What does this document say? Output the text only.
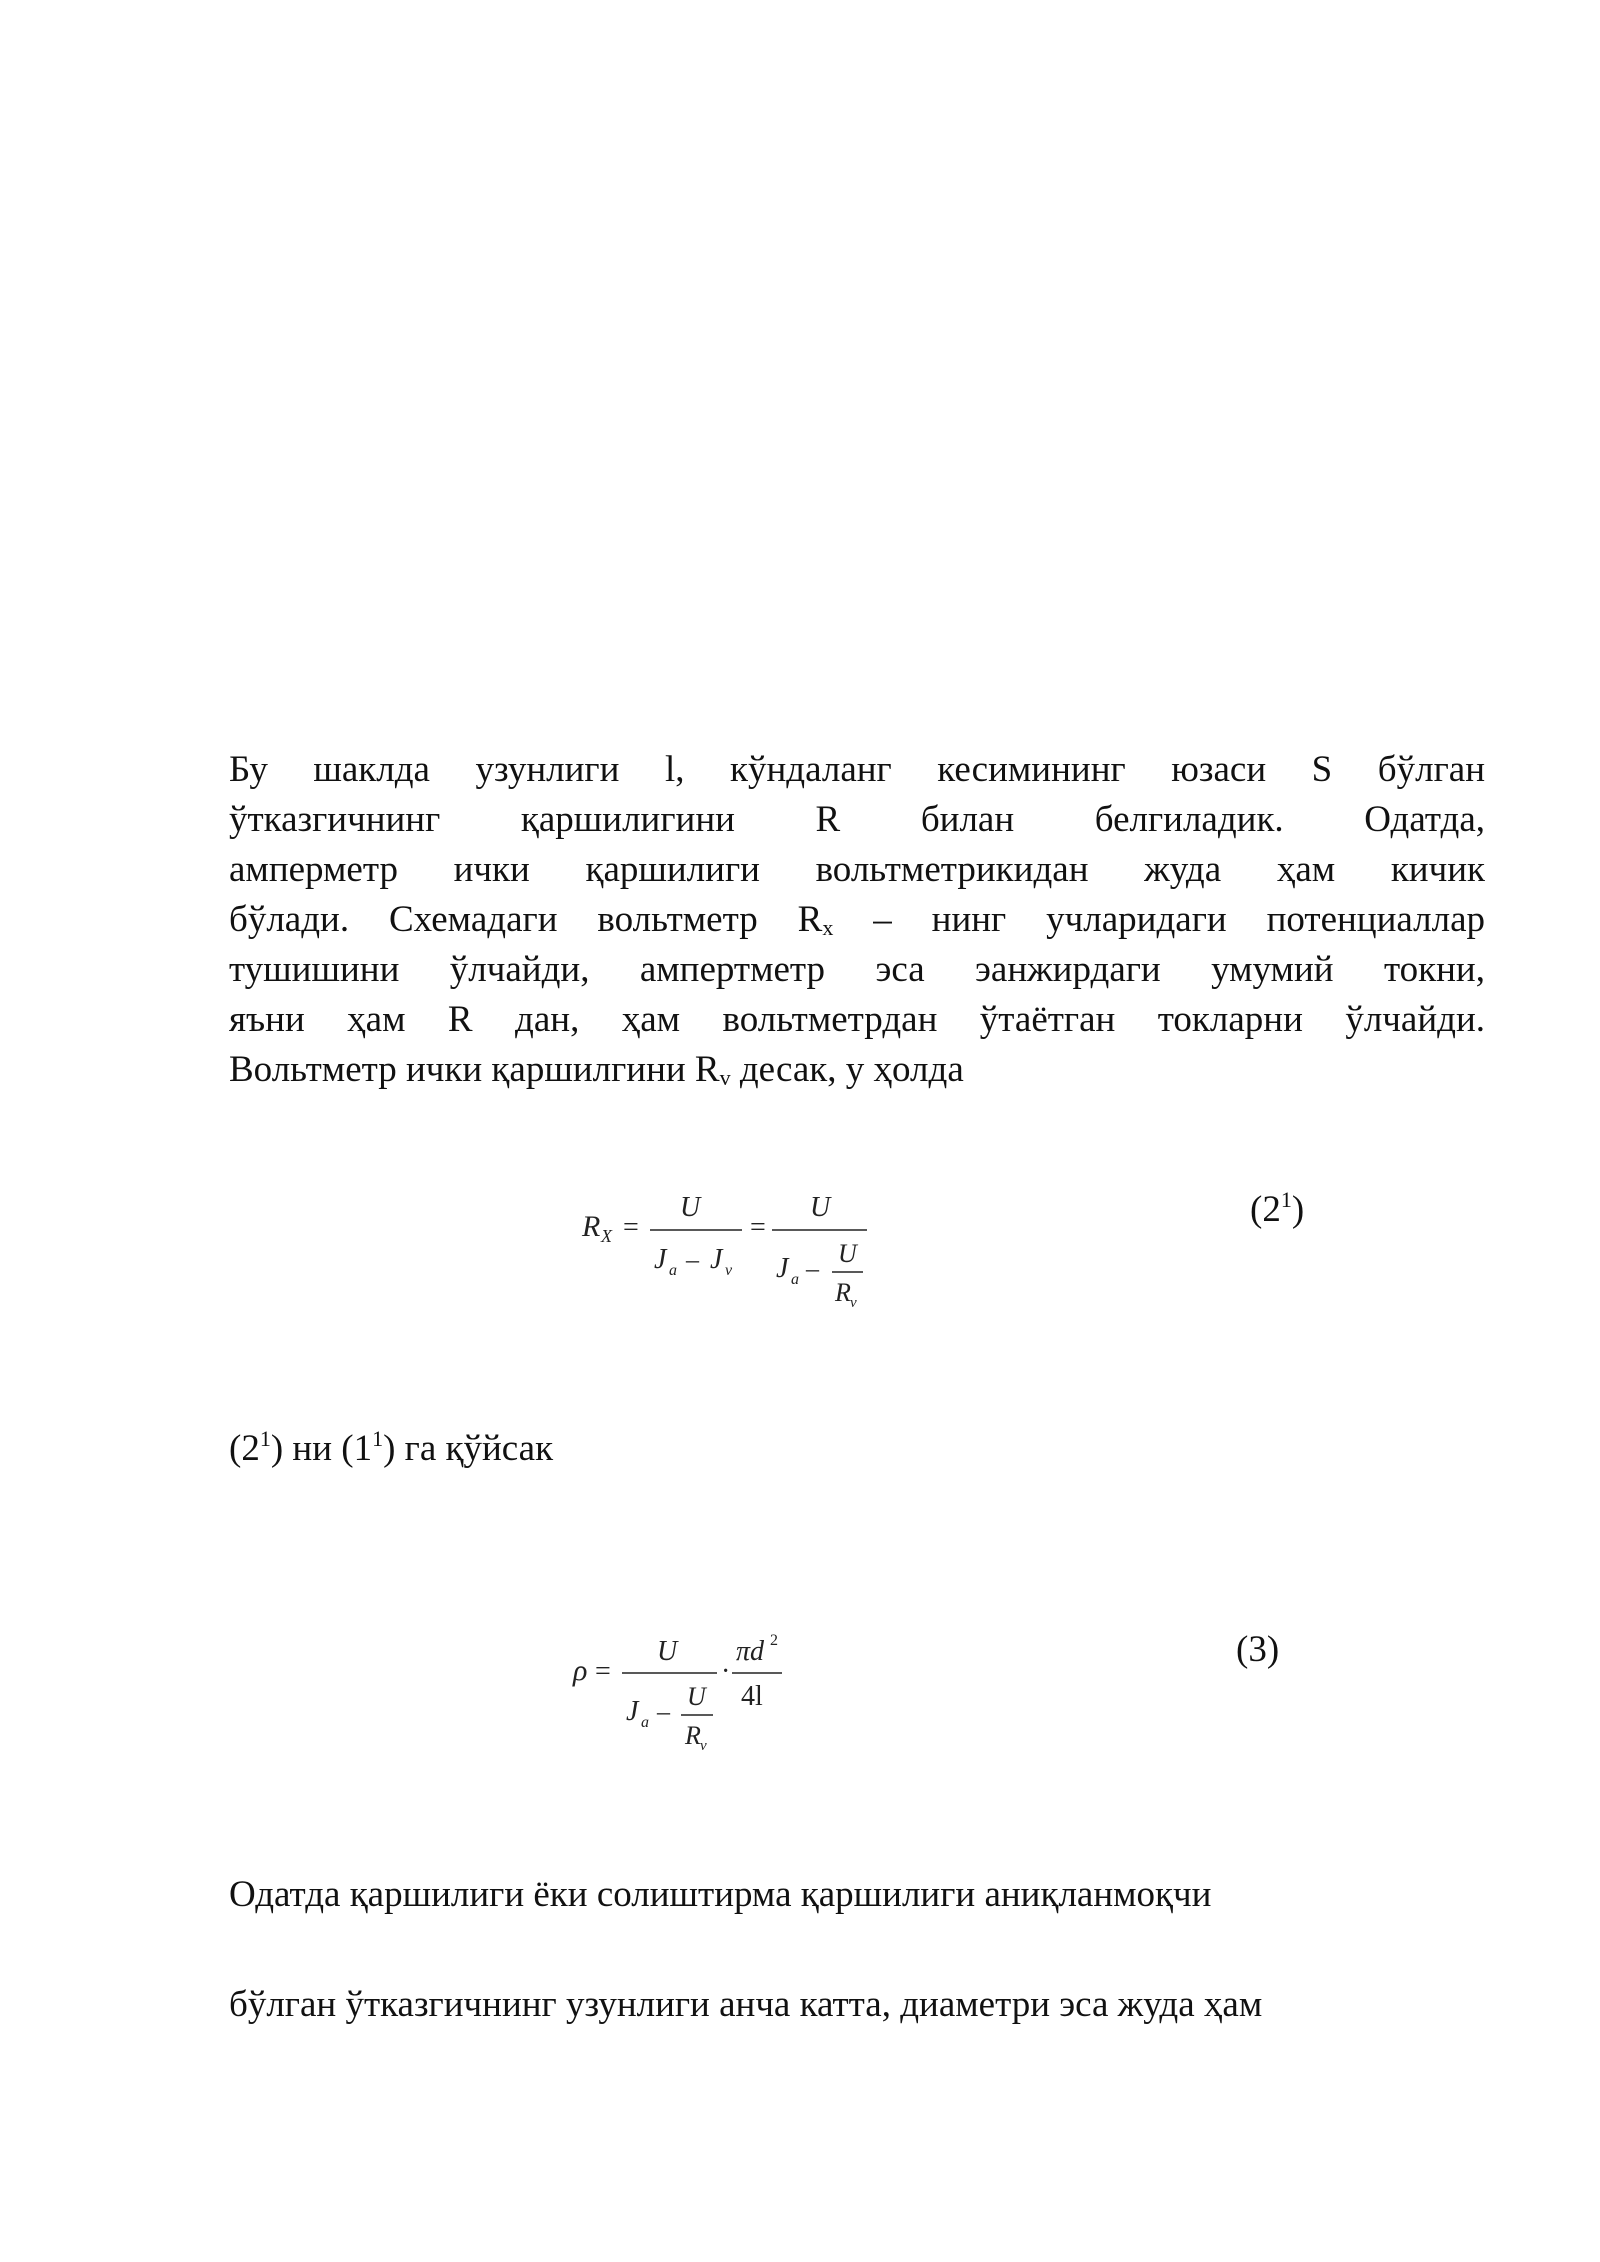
Бу шаклда узунлиги l, кўндаланг кесимининг юзаси S бўлган
ўтказгичнинг қаршилигини R билан белгиладик. Одатда,
амперметр ички қаршилиги вольтметрикидан жуда ҳам кичик
бўлади. Схемадаги вольтметр $R_x$ – нинг учларидаги потенциаллар
тушишини ўлчайди, ампертметр эса эанжирдаги умумий токни,
яъни ҳам R дан, ҳам вольтметрдан ўтаётган токларни ўлчайди.
Вольтметр ички қаршилгини $R_v$ десак, у ҳолда
R X =
U
J a – J v
=
U
J a –
U
R v
$(2^1)$
$(2^1)$ ни $(1^1)$ га қўйсак
ρ =
U
J a –
U
R v
·
πd 2
4l
(3)
Одатда қаршилиги ёки солиштирма қаршилиги аниқланмоқчи
бўлган ўтказгичнинг узунлиги анча катта, диаметри эса жуда ҳам
